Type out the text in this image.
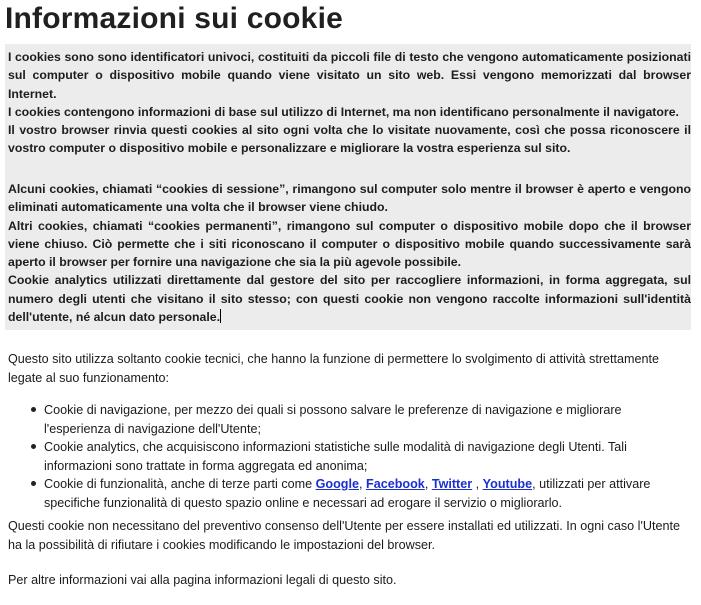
Informazioni sui cookie
I cookies sono sono identificatori univoci, costituiti da piccoli file di testo che vengono automaticamente posizionati sul computer o dispositivo mobile quando viene visitato un sito web. Essi vengono memorizzati dal browser Internet.
I cookies contengono informazioni di base sul utilizzo di Internet, ma non identificano personalmente il navigatore.
Il vostro browser rinvia questi cookies al sito ogni volta che lo visitate nuovamente, così che possa riconoscere il vostro computer o dispositivo mobile e personalizzare e migliorare la vostra esperienza sul sito.
Alcuni cookies, chiamati “cookies di sessione”, rimangono sul computer solo mentre il browser è aperto e vengono eliminati automaticamente una volta che il browser viene chiudo.
Altri cookies, chiamati “cookies permanenti”, rimangono sul computer o dispositivo mobile dopo che il browser viene chiuso. Ciò permette che i siti riconoscano il computer o dispositivo mobile quando successivamente sarà aperto il browser per fornire una navigazione che sia la più agevole possibile.
Cookie analytics utilizzati direttamente dal gestore del sito per raccogliere informazioni, in forma aggregata, sul numero degli utenti che visitano il sito stesso; con questi cookie non vengono raccolte informazioni sull'identità dell'utente, né alcun dato personale.
Questo sito utilizza soltanto cookie tecnici, che hanno la funzione di permettere lo svolgimento di attività strettamente legate al suo funzionamento:
Cookie di navigazione, per mezzo dei quali si possono salvare le preferenze di navigazione e migliorare l'esperienza di navigazione dell'Utente;
Cookie analytics, che acquisiscono informazioni statistiche sulle modalità di navigazione degli Utenti. Tali informazioni sono trattate in forma aggregata ed anonima;
Cookie di funzionalità, anche di terze parti come Google, Facebook, Twitter , Youtube, utilizzati per attivare specifiche funzionalità di questo spazio online e necessari ad erogare il servizio o migliorarlo.
Questi cookie non necessitano del preventivo consenso dell'Utente per essere installati ed utilizzati. In ogni caso l'Utente ha la possibilità di rifiutare i cookies modificando le impostazioni del browser.
Per altre informazioni vai alla pagina informazioni legali di questo sito.
